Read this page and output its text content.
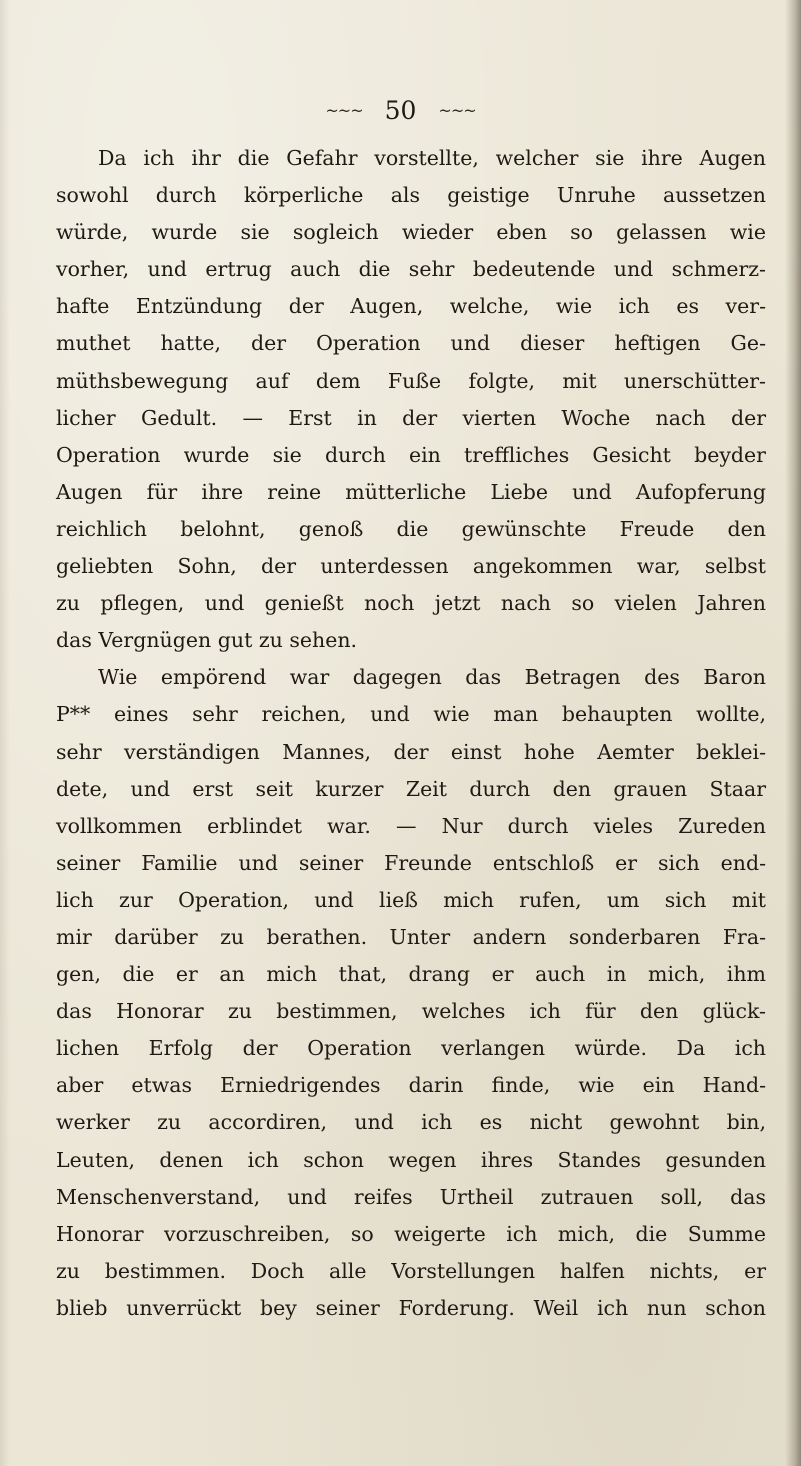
~~~ 50 ~~~
Da ich ihr die Gefahr vorstellte, welcher sie ihre Augen
sowohl durch körperliche als geistige Unruhe aussetzen
würde, wurde sie sogleich wieder eben so gelassen wie
vorher, und ertrug auch die sehr bedeutende und schmerz-
hafte Entzündung der Augen, welche, wie ich es ver-
muthet hatte, der Operation und dieser heftigen Ge-
müthsbewegung auf dem Fuße folgte, mit unerschütter-
licher Gedult. — Erst in der vierten Woche nach der
Operation wurde sie durch ein treffliches Gesicht beyder
Augen für ihre reine mütterliche Liebe und Aufopferung
reichlich belohnt, genoß die gewünschte Freude den
geliebten Sohn, der unterdessen angekommen war, selbst
zu pflegen, und genießt noch jetzt nach so vielen Jahren
das Vergnügen gut zu sehen.
Wie empörend war dagegen das Betragen des Baron
P** eines sehr reichen, und wie man behaupten wollte,
sehr verständigen Mannes, der einst hohe Aemter beklei-
dete, und erst seit kurzer Zeit durch den grauen Staar
vollkommen erblindet war. — Nur durch vieles Zureden
seiner Familie und seiner Freunde entschloß er sich end-
lich zur Operation, und ließ mich rufen, um sich mit
mir darüber zu berathen. Unter andern sonderbaren Fra-
gen, die er an mich that, drang er auch in mich, ihm
das Honorar zu bestimmen, welches ich für den glück-
lichen Erfolg der Operation verlangen würde. Da ich
aber etwas Erniedrigendes darin finde, wie ein Hand-
werker zu accordiren, und ich es nicht gewohnt bin,
Leuten, denen ich schon wegen ihres Standes gesunden
Menschenverstand, und reifes Urtheil zutrauen soll, das
Honorar vorzuschreiben, so weigerte ich mich, die Summe
zu bestimmen. Doch alle Vorstellungen halfen nichts, er
blieb unverrückt bey seiner Forderung. Weil ich nun schon
